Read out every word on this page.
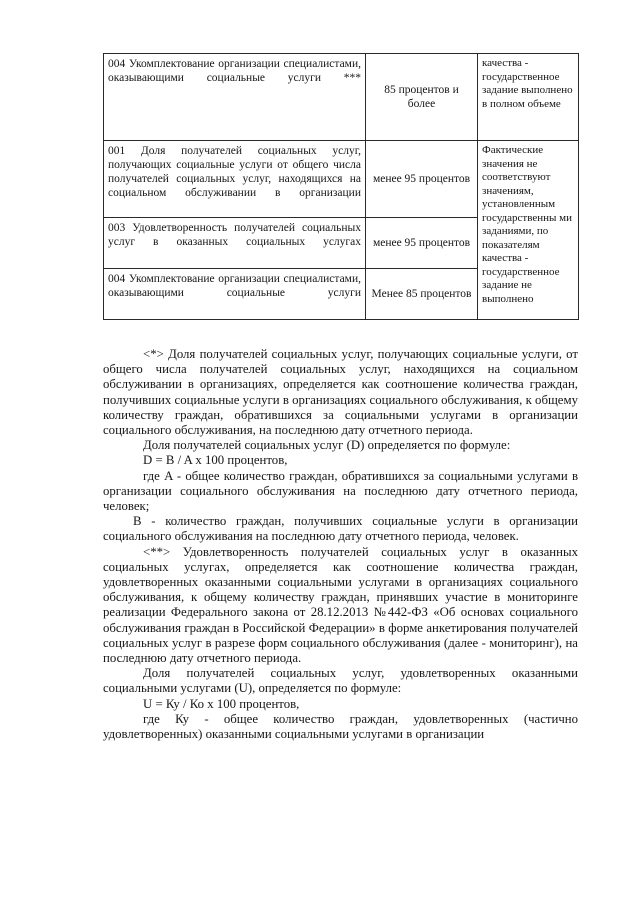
004 Укомплектование организации специалистами, оказывающими социальные услуги ***	85 процентов и более	качества - государственное задание выполнено в полном объеме
001 Доля получателей социальных услуг, получающих социальные услуги от общего числа получателей социальных услуг, находящихся на социальном обслуживании в организации	менее 95 процентов	Фактические значения не соответствуют значениям, установленным государственны ми заданиями, по показателям качества - государственное задание не выполнено
003 Удовлетворенность получателей социальных услуг в оказанных социальных услугах	менее 95 процентов	
004 Укомплектование организации специалистами, оказывающими социальные услуги	Менее 85 процентов	

<*> Доля получателей социальных услуг, получающих социальные услуги, от общего числа получателей социальных услуг, находящихся на социальном обслуживании в организациях, определяется как соотношение количества граждан, получивших социальные услуги в организациях социального обслуживания, к общему количеству граждан, обратившихся за социальными услугами в организации социального обслуживания, на последнюю дату отчетного периода.

Доля получателей социальных услуг (D) определяется по формуле:

D = B / A x 100 процентов,

где A - общее количество граждан, обратившихся за социальными услугами в организации социального обслуживания на последнюю дату отчетного периода, человек;

B - количество граждан, получивших социальные услуги в организации социального обслуживания на последнюю дату отчетного периода, человек.

<**> Удовлетворенность получателей социальных услуг в оказанных социальных услугах, определяется как соотношение количества граждан, удовлетворенных оказанными социальными услугами в организациях социального обслуживания, к общему количеству граждан, принявших участие в мониторинге реализации Федерального закона от 28.12.2013 №442-ФЗ «Об основах социального обслуживания граждан в Российской Федерации» в форме анкетирования получателей социальных услуг в разрезе форм социального обслуживания (далее - мониторинг), на последнюю дату отчетного периода.

Доля получателей социальных услуг, удовлетворенных оказанными социальными услугами (U), определяется по формуле:

U = Ку / Ко x 100 процентов,

где Ку - общее количество граждан, удовлетворенных (частично удовлетворенных) оказанными социальными услугами в организации
